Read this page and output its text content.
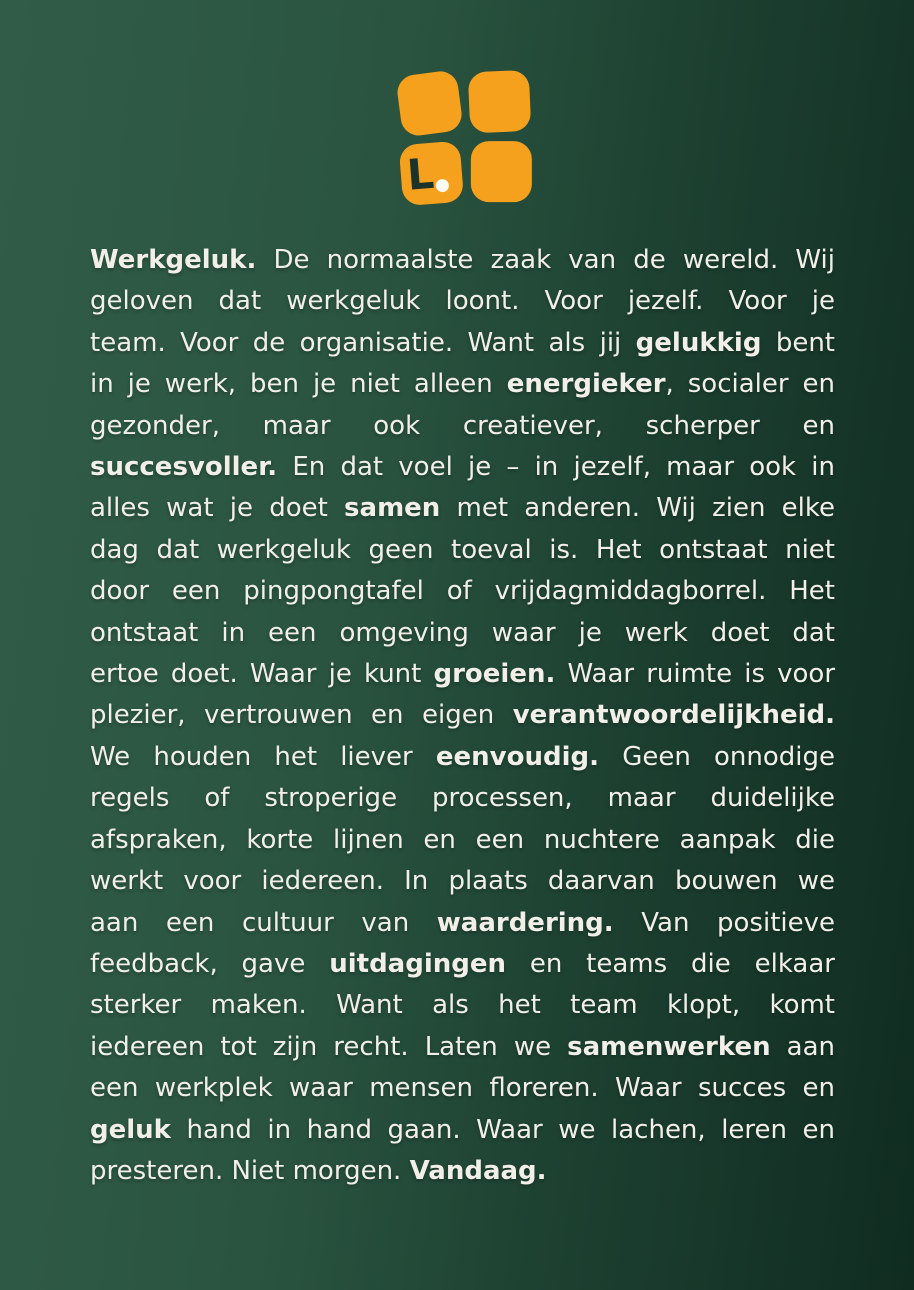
L
Werkgeluk. De normaalste zaak van de wereld. Wij
geloven dat werkgeluk loont. Voor jezelf. Voor je
team. Voor de organisatie. Want als jij gelukkig bent
in je werk, ben je niet alleen energieker, socialer en
gezonder, maar ook creatiever, scherper en
succesvoller. En dat voel je – in jezelf, maar ook in
alles wat je doet samen met anderen. Wij zien elke
dag dat werkgeluk geen toeval is. Het ontstaat niet
door een pingpongtafel of vrijdagmiddagborrel. Het
ontstaat in een omgeving waar je werk doet dat
ertoe doet. Waar je kunt groeien. Waar ruimte is voor
plezier, vertrouwen en eigen verantwoordelijkheid.
We houden het liever eenvoudig. Geen onnodige
regels of stroperige processen, maar duidelijke
afspraken, korte lijnen en een nuchtere aanpak die
werkt voor iedereen. In plaats daarvan bouwen we
aan een cultuur van waardering. Van positieve
feedback, gave uitdagingen en teams die elkaar
sterker maken. Want als het team klopt, komt
iedereen tot zijn recht. Laten we samenwerken aan
een werkplek waar mensen floreren. Waar succes en
geluk hand in hand gaan. Waar we lachen, leren en
presteren. Niet morgen. Vandaag.
